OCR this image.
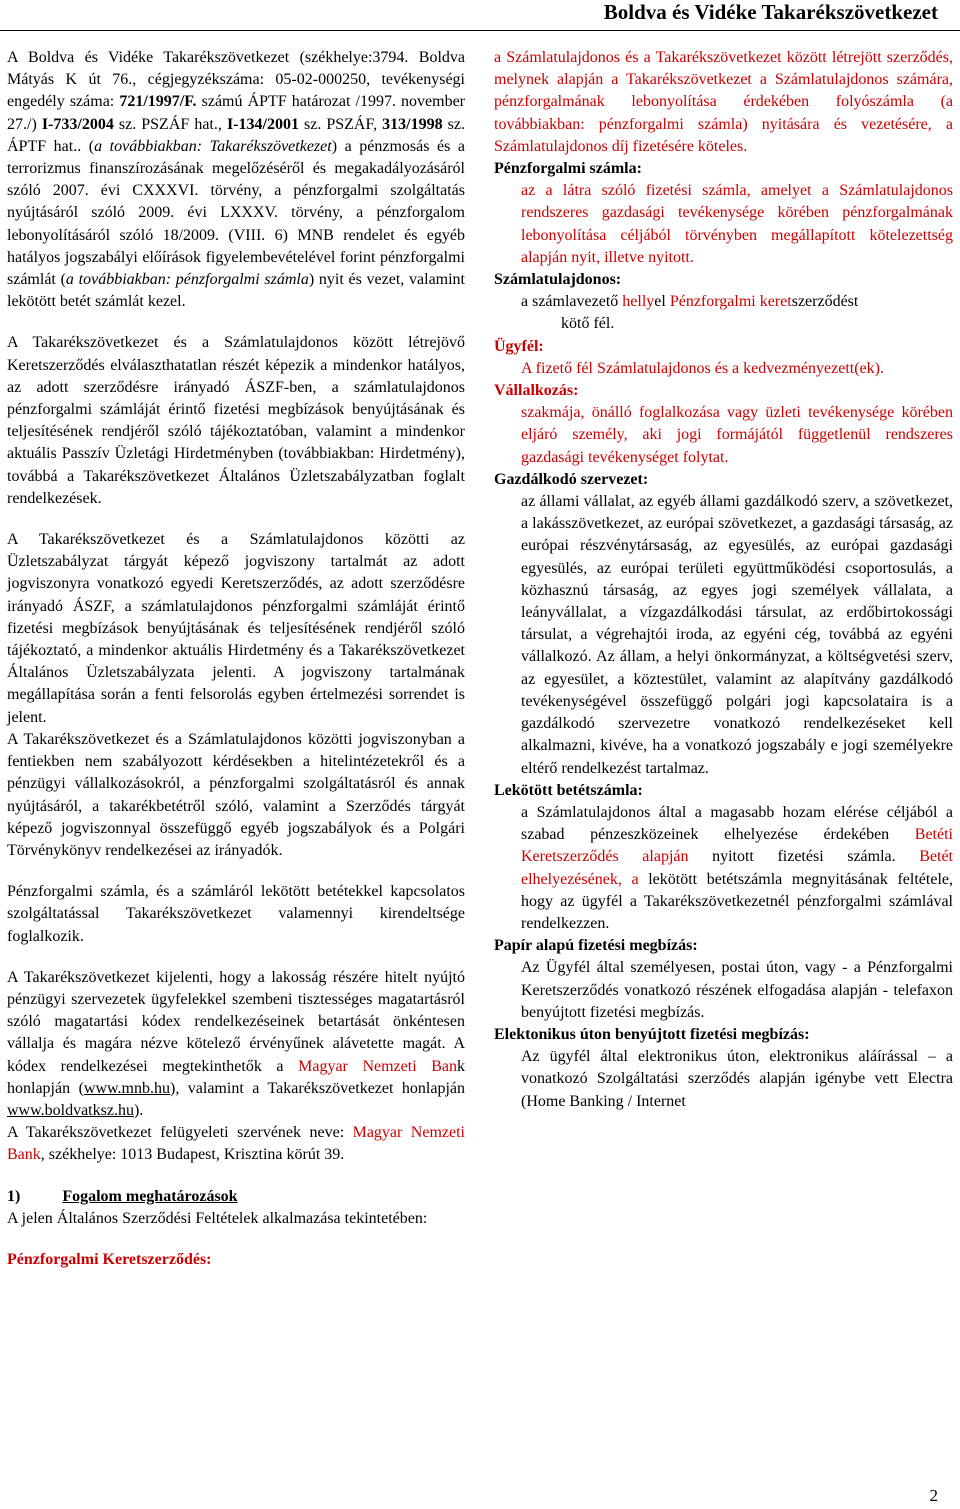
Boldva és Vidéke Takarékszövetkezet

A Boldva és Vidéke Takarékszövetkezet (székhelye:3794. Boldva Mátyás K út 76., cégjegyzékszáma: 05-02-000250, tevékenységi engedély száma: 721/1997/F. számú ÁPTF határozat /1997. november 27./) I-733/2004 sz. PSZÁF hat., I-134/2001 sz. PSZÁF, 313/1998 sz. ÁPTF hat.. (a továbbiakban: Takarékszövetkezet) a pénzmosás és a terrorizmus finanszírozásának megelőzéséről és megakadályozásáról szóló 2007. évi CXXXVI. törvény, a pénzforgalmi szolgáltatás nyújtásáról szóló 2009. évi LXXXV. törvény, a pénzforgalom lebonyolításáról szóló 18/2009. (VIII. 6) MNB rendelet és egyéb hatályos jogszabályi előírások figyelembevételével forint pénzforgalmi számlát (a továbbiakban: pénzforgalmi számla) nyit és vezet, valamint lekötött betét számlát kezel.

A Takarékszövetkezet és a Számlatulajdonos között létrejövő Keretszerződés elválaszthatatlan részét képezik a mindenkor hatályos, az adott szerződésre irányadó ÁSZF-ben, a számlatulajdonos pénzforgalmi számláját érintő fizetési megbízások benyújtásának és teljesítésének rendjéről szóló tájékoztatóban, valamint a mindenkor aktuális Passzív Üzletági Hirdetményben (továbbiakban: Hirdetmény), továbbá a Takarékszövetkezet Általános Üzletszabályzatban foglalt rendelkezések.

A Takarékszövetkezet és a Számlatulajdonos közötti az Üzletszabályzat tárgyát képező jogviszony tartalmát az adott jogviszonyra vonatkozó egyedi Keretszerződés, az adott szerződésre irányadó ÁSZF, a számlatulajdonos pénzforgalmi számláját érintő fizetési megbízások benyújtásának és teljesítésének rendjéről szóló tájékoztató, a mindenkor aktuális Hirdetmény és a Takarékszövetkezet Általános Üzletszabályzata jelenti. A jogviszony tartalmának megállapítása során a fenti felsorolás egyben értelmezési sorrendet is jelent.

A Takarékszövetkezet és a Számlatulajdonos közötti jogviszonyban a fentiekben nem szabályozott kérdésekben a hitelintézetekről és a pénzügyi vállalkozásokról, a pénzforgalmi szolgáltatásról és annak nyújtásáról, a takarékbetétről szóló, valamint a Szerződés tárgyát képező jogviszonnyal összefüggő egyéb jogszabályok és a Polgári Törvénykönyv rendelkezései az irányadók.

Pénzforgalmi számla, és a számláról lekötött betétekkel kapcsolatos szolgáltatással Takarékszövetkezet valamennyi kirendeltsége foglalkozik.

A Takarékszövetkezet kijelenti, hogy a lakosság részére hitelt nyújtó pénzügyi szervezetek ügyfelekkel szembeni tisztességes magatartásról szóló magatartási kódex rendelkezéseinek betartását önkéntesen vállalja és magára nézve kötelező érvényűnek alávetette magát. A kódex rendelkezései megtekinthetők a Magyar Nemzeti Bank honlapján (www.mnb.hu), valamint a Takarékszövetkezet honlapján www.boldvatksz.hu).

A Takarékszövetkezet felügyeleti szervének neve: Magyar Nemzeti Bank, székhelye: 1013 Budapest, Krisztina körút 39.

1)	Fogalom meghatározások

A jelen Általános Szerződési Feltételek alkalmazása tekintetében:

Pénzforgalmi Keretszerződés:

a Számlatulajdonos és a Takarékszövetkezet között létrejött szerződés, melynek alapján a Takarékszövetkezet a Számlatulajdonos számára, pénzforgalmának lebonyolítása érdekében folyószámla (a továbbiakban: pénzforgalmi számla) nyitására és vezetésére, a Számlatulajdonos díj fizetésére köteles.

Pénzforgalmi számla:

az a látra szóló fizetési számla, amelyet a Számlatulajdonos rendszeres gazdasági tevékenysége körében pénzforgalmának lebonyolítása céljából törvényben megállapított kötelezettség alapján nyit, illetve nyitott.

Számlatulajdonos:

a számlavezető hellyel Pénzforgalmi keretszerződést
kötő fél.

Ügyfél:

A fizető fél Számlatulajdonos és a kedvezményezett(ek).

Vállalkozás:

szakmája, önálló foglalkozása vagy üzleti tevékenysége körében eljáró személy, aki jogi formájától függetlenül rendszeres gazdasági tevékenységet folytat.

Gazdálkodó szervezet:

az állami vállalat, az egyéb állami gazdálkodó szerv, a szövetkezet, a lakásszövetkezet, az európai szövetkezet, a gazdasági társaság, az európai részvénytársaság, az egyesülés, az európai gazdasági egyesülés, az európai területi együttműködési csoportosulás, a közhasznú társaság, az egyes jogi személyek vállalata, a leányvállalat, a vízgazdálkodási társulat, az erdőbirtokossági társulat, a végrehajtói iroda, az egyéni cég, továbbá az egyéni vállalkozó. Az állam, a helyi önkormányzat, a költségvetési szerv, az egyesület, a köztestület, valamint az alapítvány gazdálkodó tevékenységével összefüggő polgári jogi kapcsolataira is a gazdálkodó szervezetre vonatkozó rendelkezéseket kell alkalmazni, kivéve, ha a vonatkozó jogszabály e jogi személyekre eltérő rendelkezést tartalmaz.

Lekötött betétszámla:

a Számlatulajdonos által a magasabb hozam elérése céljából a szabad pénzeszközeinek elhelyezése érdekében Betéti Keretszerződés alapján nyitott fizetési számla. Betét elhelyezésének, a lekötött betétszámla megnyitásának feltétele, hogy az ügyfél a Takarékszövetkezetnél pénzforgalmi számlával rendelkezzen.

Papír alapú fizetési megbízás:

Az Ügyfél által személyesen, postai úton, vagy - a Pénzforgalmi Keretszerződés vonatkozó részének elfogadása alapján - telefaxon benyújtott fizetési megbízás.

Elektonikus úton benyújtott fizetési megbízás:

Az ügyfél által elektronikus úton, elektronikus aláírással – a vonatkozó Szolgáltatási szerződés alapján igénybe vett Electra (Home Banking / Internet

2
